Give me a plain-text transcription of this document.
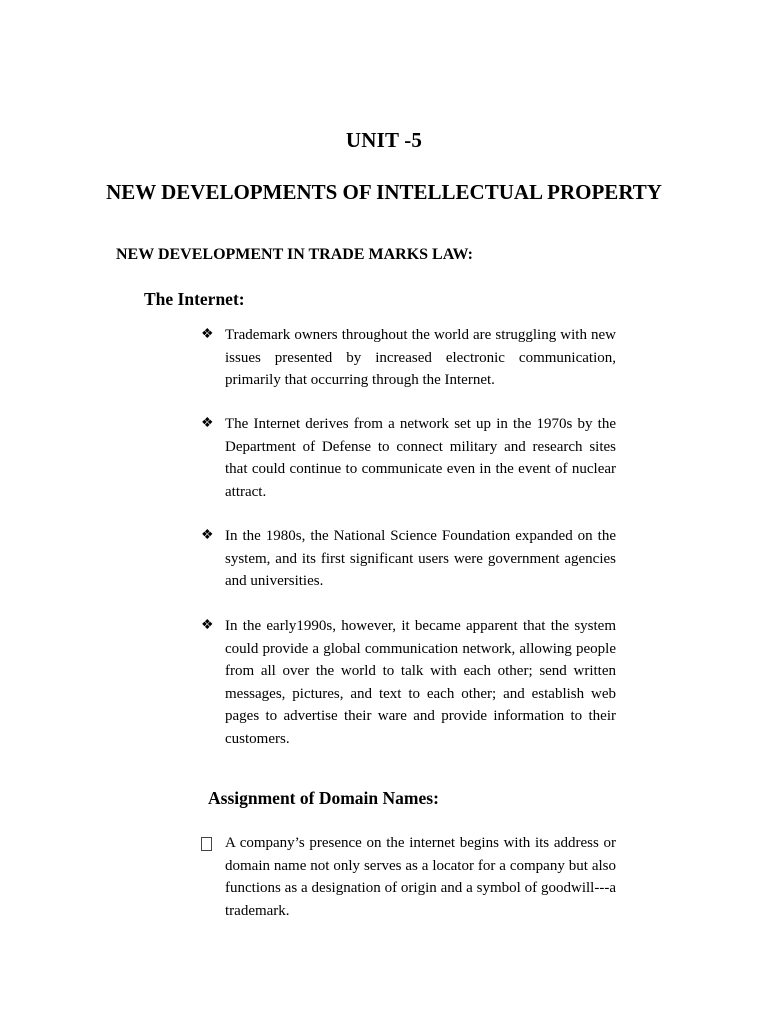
UNIT -5
NEW DEVELOPMENTS OF INTELLECTUAL PROPERTY
NEW DEVELOPMENT IN TRADE MARKS LAW:
The Internet:
❖ Trademark owners throughout the world are struggling with new issues presented by increased electronic communication, primarily that occurring through the Internet.
❖ The Internet derives from a network set up in the 1970s by the Department of Defense to connect military and research sites that could continue to communicate even in the event of nuclear attract.
❖ In the 1980s, the National Science Foundation expanded on the system, and its first significant users were government agencies and universities.
❖ In the early1990s, however, it became apparent that the system could provide a global communication network, allowing people from all over the world to talk with each other; send written messages, pictures, and text to each other; and establish web pages to advertise their ware and provide information to their customers.
Assignment of Domain Names:
A company’s presence on the internet begins with its address or domain name not only serves as a locator for a company but also functions as a designation of origin and a symbol of goodwill---a trademark.
